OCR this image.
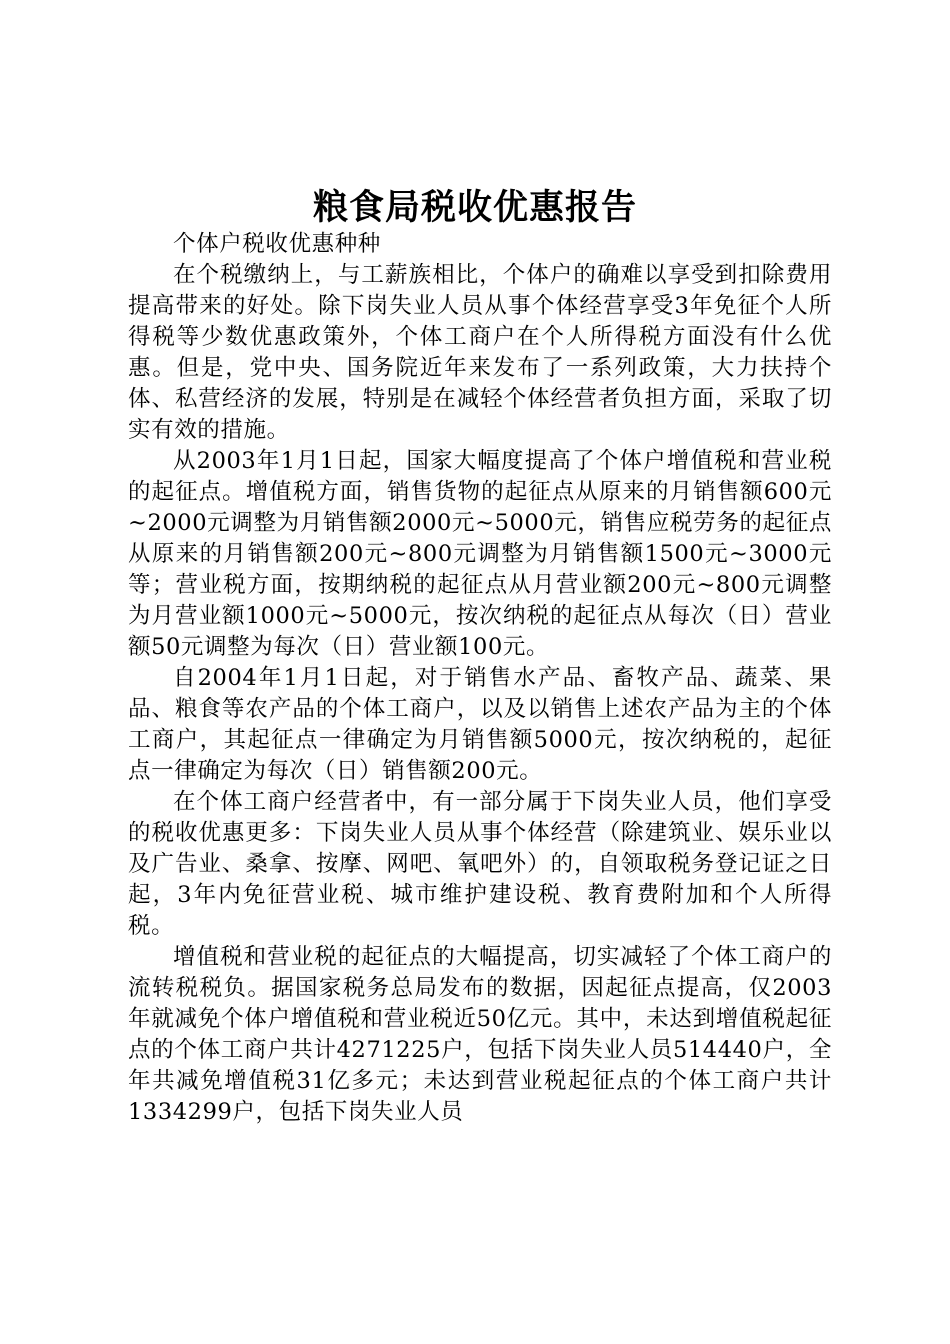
粮食局税收优惠报告

个体户税收优惠种种

在个税缴纳上，与工薪族相比，个体户的确难以享受到扣除费用提高带来的好处。除下岗失业人员从事个体经营享受3年免征个人所得税等少数优惠政策外，个体工商户在个人所得税方面没有什么优惠。但是，党中央、国务院近年来发布了一系列政策，大力扶持个体、私营经济的发展，特别是在减轻个体经营者负担方面，采取了切实有效的措施。

从2003年1月1日起，国家大幅度提高了个体户增值税和营业税的起征点。增值税方面，销售货物的起征点从原来的月销售额600元~2000元调整为月销售额2000元~5000元，销售应税劳务的起征点从原来的月销售额200元~800元调整为月销售额1500元~3000元等；营业税方面，按期纳税的起征点从月营业额200元~800元调整为月营业额1000元~5000元，按次纳税的起征点从每次（日）营业额50元调整为每次（日）营业额100元。

自2004年1月1日起，对于销售水产品、畜牧产品、蔬菜、果品、粮食等农产品的个体工商户，以及以销售上述农产品为主的个体工商户，其起征点一律确定为月销售额5000元，按次纳税的，起征点一律确定为每次（日）销售额200元。

在个体工商户经营者中，有一部分属于下岗失业人员，他们享受的税收优惠更多：下岗失业人员从事个体经营（除建筑业、娱乐业以及广告业、桑拿、按摩、网吧、氧吧外）的，自领取税务登记证之日起，3年内免征营业税、城市维护建设税、教育费附加和个人所得税。

增值税和营业税的起征点的大幅提高，切实减轻了个体工商户的流转税税负。据国家税务总局发布的数据，因起征点提高，仅2003年就减免个体户增值税和营业税近50亿元。其中，未达到增值税起征点的个体工商户共计4271225户，包括下岗失业人员514440户，全年共减免增值税31亿多元；未达到营业税起征点的个体工商户共计1334299户，包括下岗失业人员
